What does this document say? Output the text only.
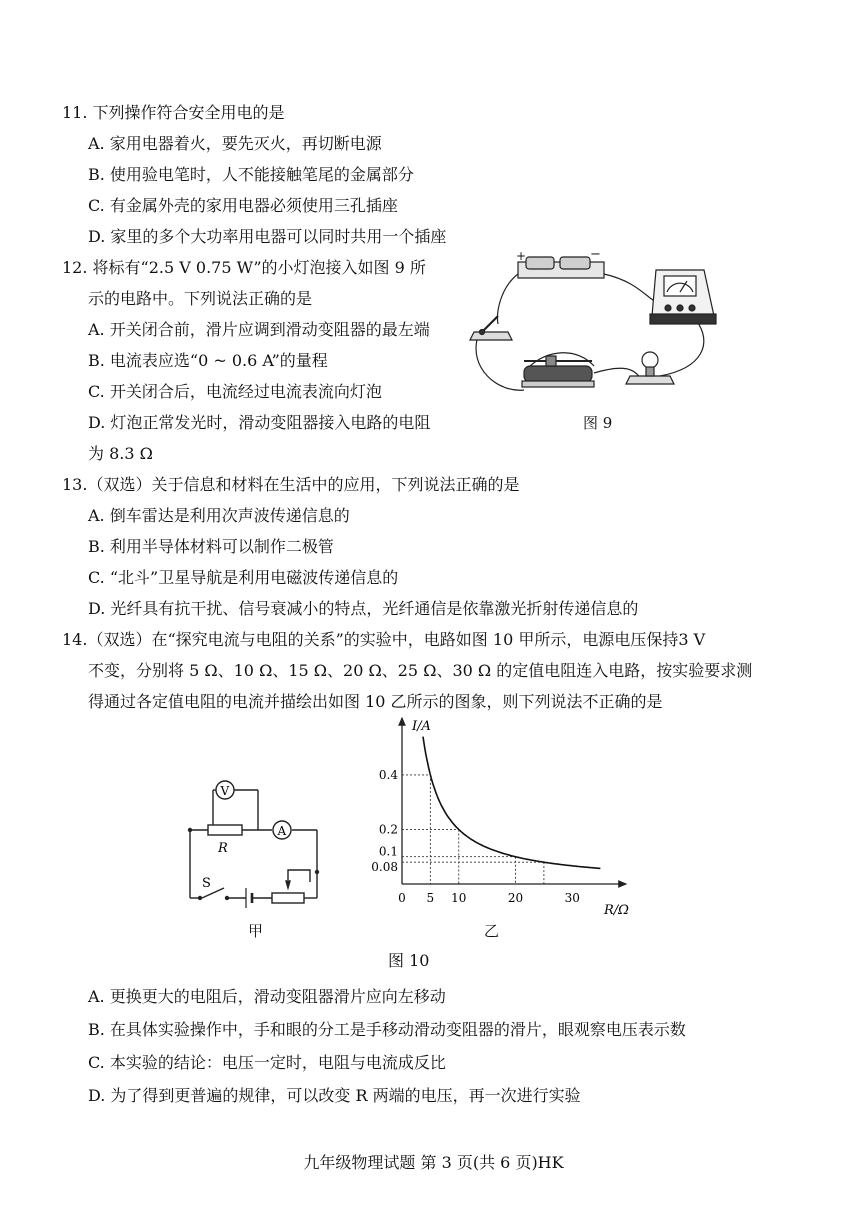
11. 下列操作符合安全用电的是
A. 家用电器着火，要先灭火，再切断电源
B. 使用验电笔时，人不能接触笔尾的金属部分
C. 有金属外壳的家用电器必须使用三孔插座
D. 家里的多个大功率用电器可以同时共用一个插座
12. 将标有“2.5 V 0.75 W”的小灯泡接入如图 9 所
示的电路中。下列说法正确的是
A. 开关闭合前，滑片应调到滑动变阻器的最左端
B. 电流表应选“0 ~ 0.6 A”的量程
C. 开关闭合后，电流经过电流表流向灯泡
D. 灯泡正常发光时，滑动变阻器接入电路的电阻
为 8.3 Ω
+	−
图 9
13.（双选）关于信息和材料在生活中的应用，下列说法正确的是
A. 倒车雷达是利用次声波传递信息的
B. 利用半导体材料可以制作二极管
C. “北斗”卫星导航是利用电磁波传递信息的
D. 光纤具有抗干扰、信号衰减小的特点，光纤通信是依靠激光折射传递信息的
14.（双选）在“探究电流与电阻的关系”的实验中，电路如图 10 甲所示，电源电压保持3 V
不变，分别将 5 Ω、10 Ω、15 Ω、20 Ω、25 Ω、30 Ω 的定值电阻连入电路，按实验要求测
得通过各定值电阻的电流并描绘出如图 10 乙所示的图象，则下列说法不正确的是
V
A
R
S
甲
I/A
R/Ω
0.4
0.2
0.1
0.08
0 5 10	20	30
乙
图 10
A. 更换更大的电阻后，滑动变阻器滑片应向左移动
B. 在具体实验操作中，手和眼的分工是手移动滑动变阻器的滑片，眼观察电压表示数
C. 本实验的结论：电压一定时，电阻与电流成反比
D. 为了得到更普遍的规律，可以改变 R 两端的电压，再一次进行实验
九年级物理试题 第 3 页(共 6 页)HK
